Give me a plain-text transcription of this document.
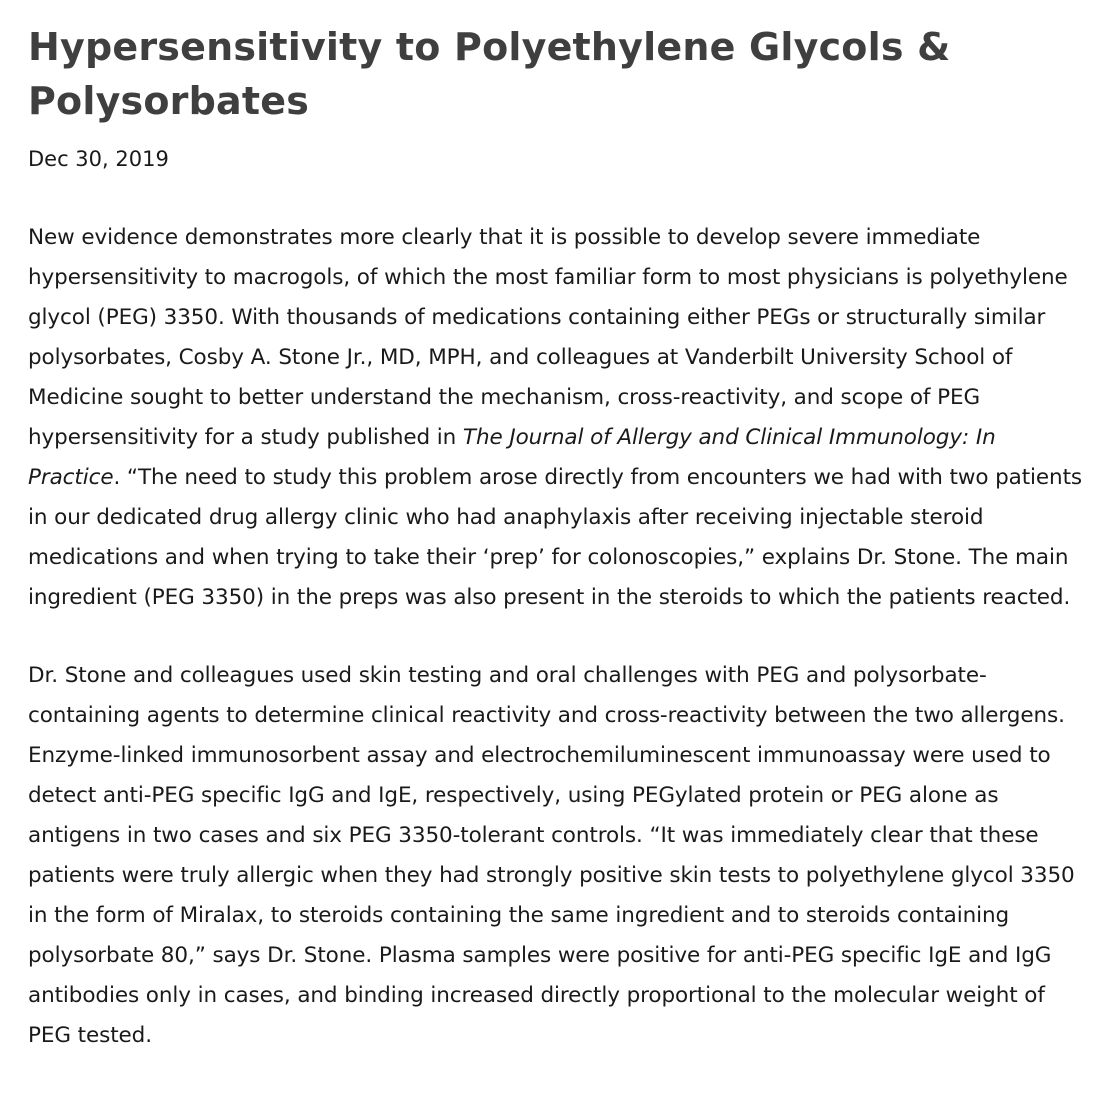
Hypersensitivity to Polyethylene Glycols & Polysorbates
Dec 30, 2019

New evidence demonstrates more clearly that it is possible to develop severe immediate hypersensitivity to macrogols, of which the most familiar form to most physicians is polyethylene glycol (PEG) 3350. With thousands of medications containing either PEGs or structurally similar polysorbates, Cosby A. Stone Jr., MD, MPH, and colleagues at Vanderbilt University School of Medicine sought to better understand the mechanism, cross-reactivity, and scope of PEG hypersensitivity for a study published in The Journal of Allergy and Clinical Immunology: In Practice. “The need to study this problem arose directly from encounters we had with two patients in our dedicated drug allergy clinic who had anaphylaxis after receiving injectable steroid medications and when trying to take their ‘prep’ for colonoscopies,” explains Dr. Stone. The main ingredient (PEG 3350) in the preps was also present in the steroids to which the patients reacted.

Dr. Stone and colleagues used skin testing and oral challenges with PEG and polysorbate-containing agents to determine clinical reactivity and cross-reactivity between the two allergens. Enzyme-linked immunosorbent assay and electrochemiluminescent immunoassay were used to detect anti-PEG specific IgG and IgE, respectively, using PEGylated protein or PEG alone as antigens in two cases and six PEG 3350-tolerant controls. “It was immediately clear that these patients were truly allergic when they had strongly positive skin tests to polyethylene glycol 3350 in the form of Miralax, to steroids containing the same ingredient and to steroids containing polysorbate 80,” says Dr. Stone. Plasma samples were positive for anti-PEG specific IgE and IgG antibodies only in cases, and binding increased directly proportional to the molecular weight of PEG tested.
